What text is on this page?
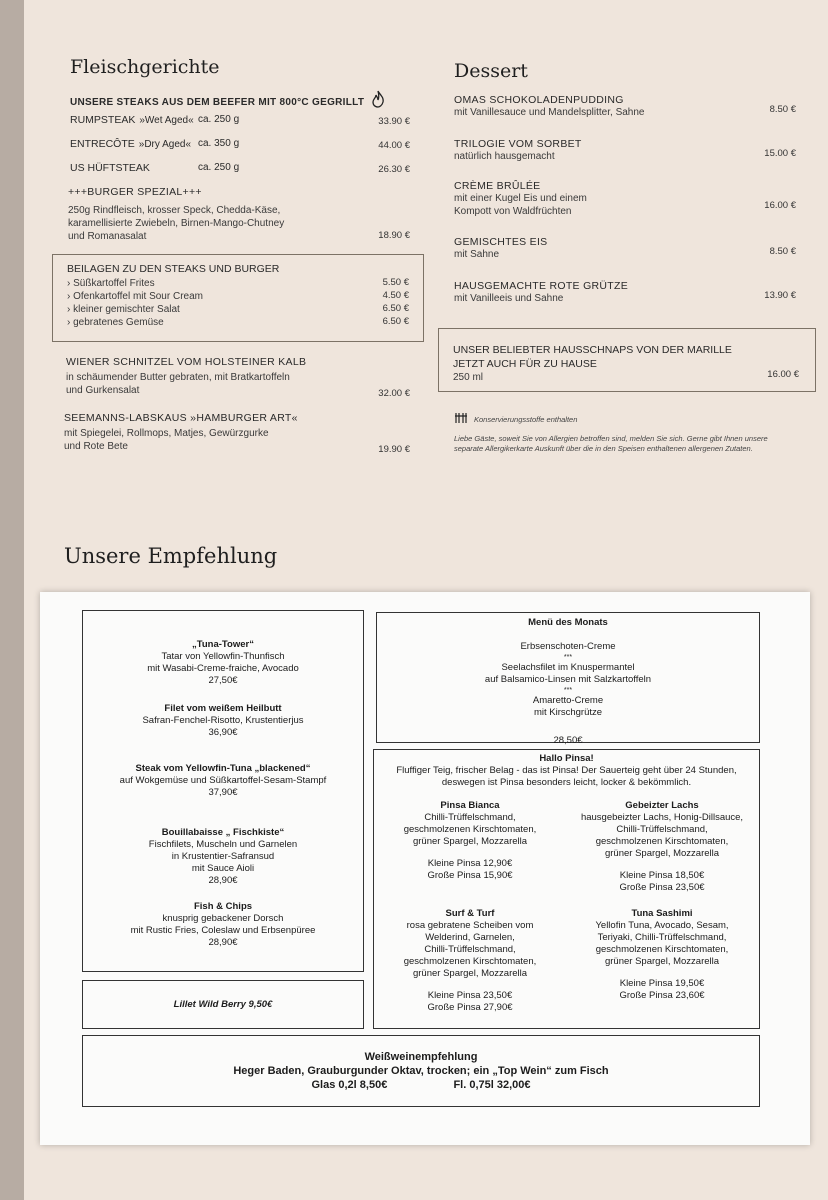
Fleischgerichte
UNSERE STEAKS AUS DEM BEEFER MIT 800°C GEGRILLT
RUMPSTEAK »Wet Aged« ca. 250 g	33.90 €
ENTRECÔTE »Dry Aged« ca. 350 g	44.00 €
US HÜFTSTEAK	ca. 250 g	26.30 €
+++BURGER SPEZIAL+++
250g Rindfleisch, krosser Speck, Chedda-Käse,
karamellisierte Zwiebeln, Birnen-Mango-Chutney
und Romanasalat	18.90 €
BEILAGEN ZU DEN STEAKS UND BURGER
› Süßkartoffel Frites	5.50 €
› Ofenkartoffel mit Sour Cream	4.50 €
› kleiner gemischter Salat	6.50 €
› gebratenes Gemüse	6.50 €
WIENER SCHNITZEL VOM HOLSTEINER KALB
in schäumender Butter gebraten, mit Bratkartoffeln
und Gurkensalat	32.00 €
SEEMANNS-LABSKAUS »HAMBURGER ART«
mit Spiegelei, Rollmops, Matjes, Gewürzgurke
und Rote Bete	19.90 €
Dessert
OMAS SCHOKOLADENPUDDING
mit Vanillesauce und Mandelsplitter, Sahne	8.50 €
TRILOGIE VOM SORBET
natürlich hausgemacht	15.00 €
CRÈME BRÛLÉE
mit einer Kugel Eis und einem
Kompott von Waldfrüchten
16.00 €
GEMISCHTES EIS
mit Sahne	8.50 €
HAUSGEMACHTE ROTE GRÜTZE
mit Vanilleeis und Sahne	13.90 €
UNSER BELIEBTER HAUSSCHNAPS VON DER MARILLE
JETZT AUCH FÜR ZU HAUSE
250 ml	16.00 €
Konservierungsstoffe enthalten
Liebe Gäste, soweit Sie von Allergien betroffen sind, melden Sie sich. Gerne gibt Ihnen unsere
separate Allergikerkarte Auskunft über die in den Speisen enthaltenen allergenen Zutaten.
Unsere Empfehlung
„Tuna-Tower“
Tatar von Yellowfin-Thunfisch
mit Wasabi-Creme-fraiche, Avocado
27,50€
Filet vom weißem Heilbutt
Safran-Fenchel-Risotto, Krustentierjus
36,90€
Steak vom Yellowfin-Tuna „blackened“
auf Wokgemüse und Süßkartoffel-Sesam-Stampf
37,90€
Bouillabaisse „ Fischkiste“
Fischfilets, Muscheln und Garnelen
in Krustentier-Safransud
mit Sauce Aioli
28,90€
Fish & Chips
knusprig gebackener Dorsch
mit Rustic Fries, Coleslaw und Erbsenpüree
28,90€
Lillet Wild Berry 9,50€
Menü des Monats
Erbsenschoten-Creme
***
Seelachsfilet im Knuspermantel
auf Balsamico-Linsen mit Salzkartoffeln
***
Amaretto-Creme
mit Kirschgrütze
28,50€
Hallo Pinsa!
Fluffiger Teig, frischer Belag - das ist Pinsa! Der Sauerteig geht über 24 Stunden,
deswegen ist Pinsa besonders leicht, locker & bekömmlich.
Pinsa Bianca
Chilli-Trüffelschmand,
geschmolzenen Kirschtomaten,
grüner Spargel, Mozzarella
Kleine Pinsa 12,90€
Große Pinsa 15,90€
Gebeizter Lachs
hausgebeizter Lachs, Honig-Dillsauce,
Chilli-Trüffelschmand,
geschmolzenen Kirschtomaten,
grüner Spargel, Mozzarella
Kleine Pinsa 18,50€
Große Pinsa 23,50€
Surf & Turf
rosa gebratene Scheiben vom
Welderind, Garnelen,
Chilli-Trüffelschmand,
geschmolzenen Kirschtomaten,
grüner Spargel, Mozzarella
Kleine Pinsa 23,50€
Große Pinsa 27,90€
Tuna Sashimi
Yellofin Tuna, Avocado, Sesam,
Teriyaki, Chilli-Trüffelschmand,
geschmolzenen Kirschtomaten,
grüner Spargel, Mozzarella
Kleine Pinsa 19,50€
Große Pinsa 23,60€
Weißweinempfehlung
Heger Baden, Grauburgunder Oktav, trocken; ein „Top Wein“ zum Fisch
Glas 0,2l 8,50€	Fl. 0,75l 32,00€
